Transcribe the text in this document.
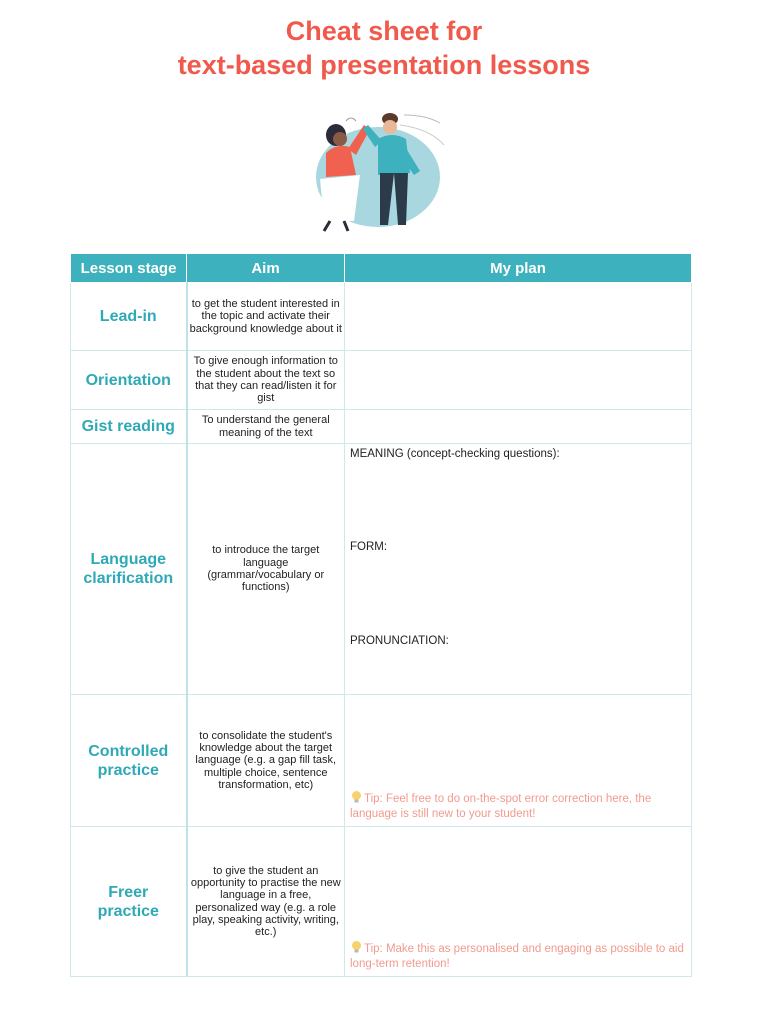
Cheat sheet for
text-based presentation lessons
Lesson stage	Aim	My plan
Lead-in	to get the student interested in the topic and activate their background knowledge about it	
Orientation	To give enough information to the student about the text so that they can read/listen it for gist	
Gist reading	To understand the general meaning of the text	
Language clarification	to introduce the target language (grammar/vocabulary or functions)	MEANING (concept-checking questions):
FORM:
PRONUNCIATION:

Controlled practice	to consolidate the student's knowledge about the target language (e.g. a gap fill task, multiple choice, sentence transformation, etc)	Tip: Feel free to do on-the-spot error correction here, the language is still new to your student!

Freer practice	to give the student an opportunity to practise the new language in a free, personalized way (e.g. a role play, speaking activity, writing, etc.)	Tip: Make this as personalised and engaging as possible to aid long-term retention!
